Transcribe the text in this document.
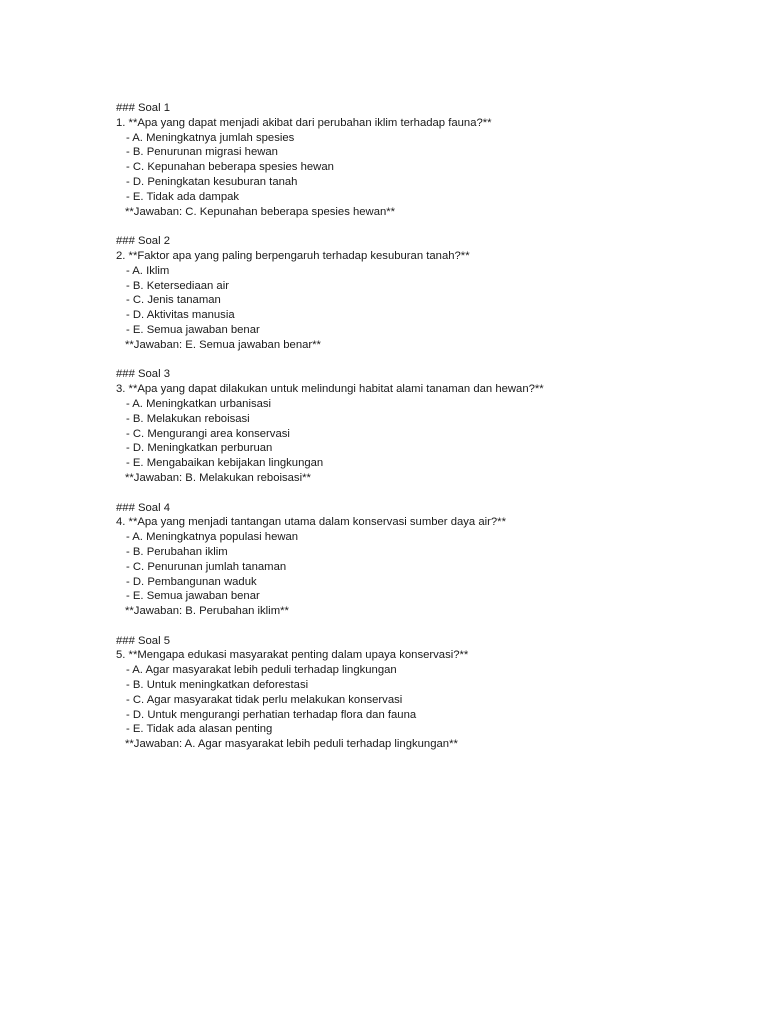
### Soal 1
1. **Apa yang dapat menjadi akibat dari perubahan iklim terhadap fauna?**
- A. Meningkatnya jumlah spesies
- B. Penurunan migrasi hewan
- C. Kepunahan beberapa spesies hewan
- D. Peningkatan kesuburan tanah
- E. Tidak ada dampak
**Jawaban: C. Kepunahan beberapa spesies hewan**
### Soal 2
2. **Faktor apa yang paling berpengaruh terhadap kesuburan tanah?**
- A. Iklim
- B. Ketersediaan air
- C. Jenis tanaman
- D. Aktivitas manusia
- E. Semua jawaban benar
**Jawaban: E. Semua jawaban benar**
### Soal 3
3. **Apa yang dapat dilakukan untuk melindungi habitat alami tanaman dan hewan?**
- A. Meningkatkan urbanisasi
- B. Melakukan reboisasi
- C. Mengurangi area konservasi
- D. Meningkatkan perburuan
- E. Mengabaikan kebijakan lingkungan
**Jawaban: B. Melakukan reboisasi**
### Soal 4
4. **Apa yang menjadi tantangan utama dalam konservasi sumber daya air?**
- A. Meningkatnya populasi hewan
- B. Perubahan iklim
- C. Penurunan jumlah tanaman
- D. Pembangunan waduk
- E. Semua jawaban benar
**Jawaban: B. Perubahan iklim**
### Soal 5
5. **Mengapa edukasi masyarakat penting dalam upaya konservasi?**
- A. Agar masyarakat lebih peduli terhadap lingkungan
- B. Untuk meningkatkan deforestasi
- C. Agar masyarakat tidak perlu melakukan konservasi
- D. Untuk mengurangi perhatian terhadap flora dan fauna
- E. Tidak ada alasan penting
**Jawaban: A. Agar masyarakat lebih peduli terhadap lingkungan**
